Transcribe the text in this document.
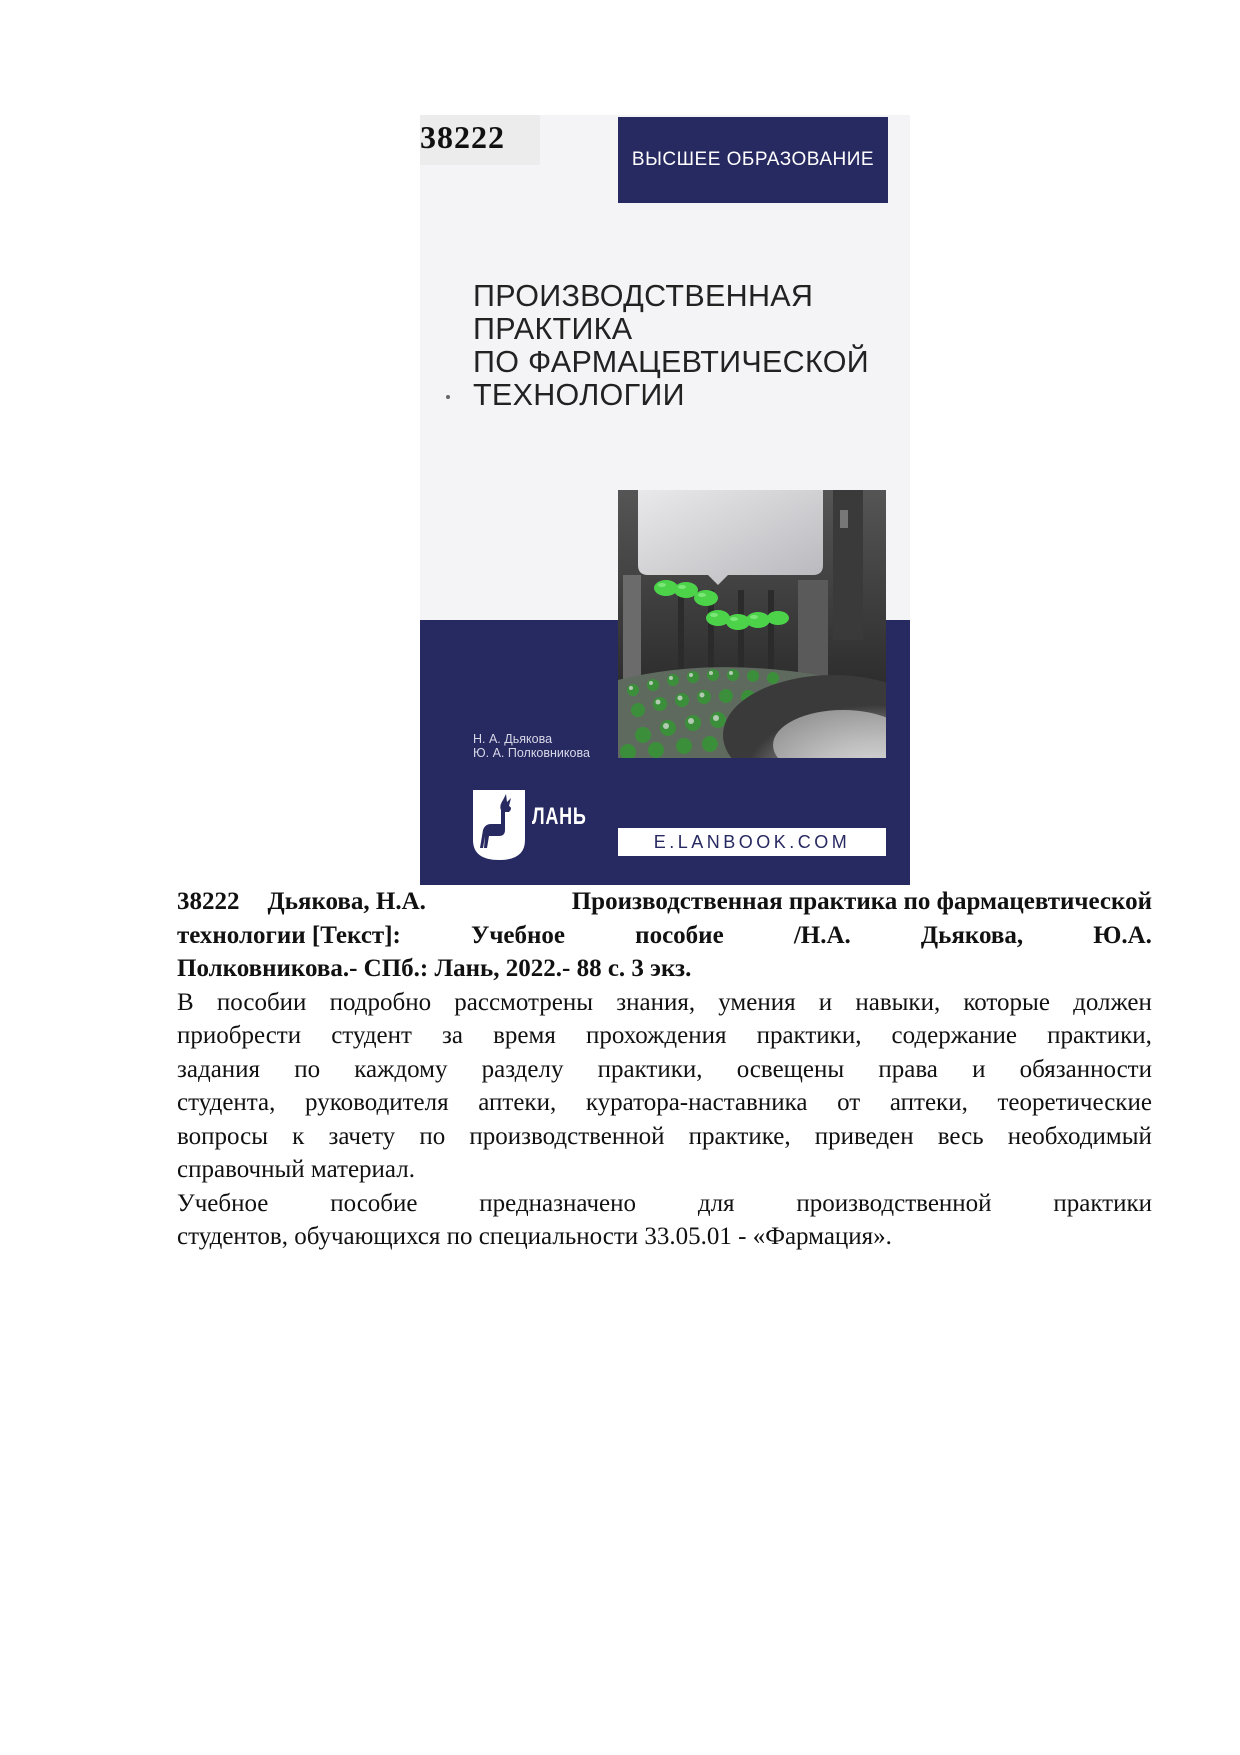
38222
ВЫСШЕЕ ОБРАЗОВАНИЕ
ПРОИЗВОДСТВЕННАЯ
ПРАКТИКА
ПО ФАРМАЦЕВТИЧЕСКОЙ
ТЕХНОЛОГИИ
Н. А. Дьякова
Ю. А. Полковникова
ЛАНЬ
E.LANBOOK.COM
38222 Дьякова, Н.А.	Производственная практика по фармацевтической
технологии [Текст]:	Учебное	пособие	/Н.А.	Дьякова,	Ю.А.
Полковникова.- СПб.: Лань, 2022.- 88 с. 3 экз.
В пособии подробно рассмотрены знания, умения и навыки, которые должен
приобрести студент за время прохождения практики, содержание практики,
задания по каждому разделу практики, освещены права и обязанности
студента, руководителя аптеки, куратора-наставника от аптеки, теоретические
вопросы к зачету по производственной практике, приведен весь необходимый
справочный материал.
Учебное пособие предназначено для производственной практики
студентов, обучающихся по специальности 33.05.01 - «Фармация».
